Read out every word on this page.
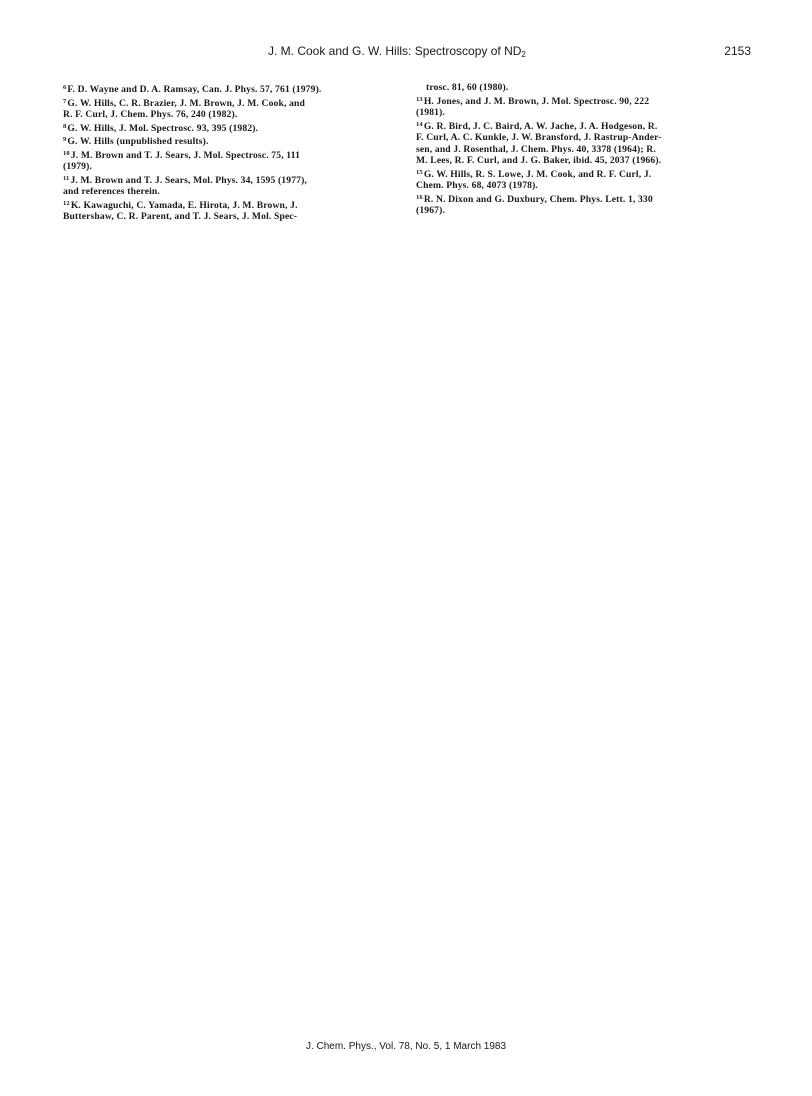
J. M. Cook and G. W. Hills: Spectroscopy of $ND_2$	2153

$^6$F. D. Wayne and D. A. Ramsay, Can. J. Phys. 57, 761 (1979).

$^7$G. W. Hills, C. R. Brazier, J. M. Brown, J. M. Cook, and
R. F. Curl, J. Chem. Phys. 76, 240 (1982).

$^8$G. W. Hills, J. Mol. Spectrosc. 93, 395 (1982).

$^9$G. W. Hills (unpublished results).

$^{10}$J. M. Brown and T. J. Sears, J. Mol. Spectrosc. 75, 111
(1979).

$^{11}$J. M. Brown and T. J. Sears, Mol. Phys. 34, 1595 (1977),
and references therein.

$^{12}$K. Kawaguchi, C. Yamada, E. Hirota, J. M. Brown, J.
Buttershaw, C. R. Parent, and T. J. Sears, J. Mol. Spec-

trosc. 81, 60 (1980).

$^{13}$H. Jones, and J. M. Brown, J. Mol. Spectrosc. 90, 222
(1981).

$^{14}$G. R. Bird, J. C. Baird, A. W. Jache, J. A. Hodgeson, R.
F. Curl, A. C. Kunkle, J. W. Bransford, J. Rastrup-Ander-
sen, and J. Rosenthal, J. Chem. Phys. 40, 3378 (1964); R.
M. Lees, R. F. Curl, and J. G. Baker, ibid. 45, 2037 (1966).

$^{15}$G. W. Hills, R. S. Lowe, J. M. Cook, and R. F. Curl, J.
Chem. Phys. 68, 4073 (1978).

$^{16}$R. N. Dixon and G. Duxbury, Chem. Phys. Lett. 1, 330
(1967).

J. Chem. Phys., Vol. 78, No. 5, 1 March 1983
